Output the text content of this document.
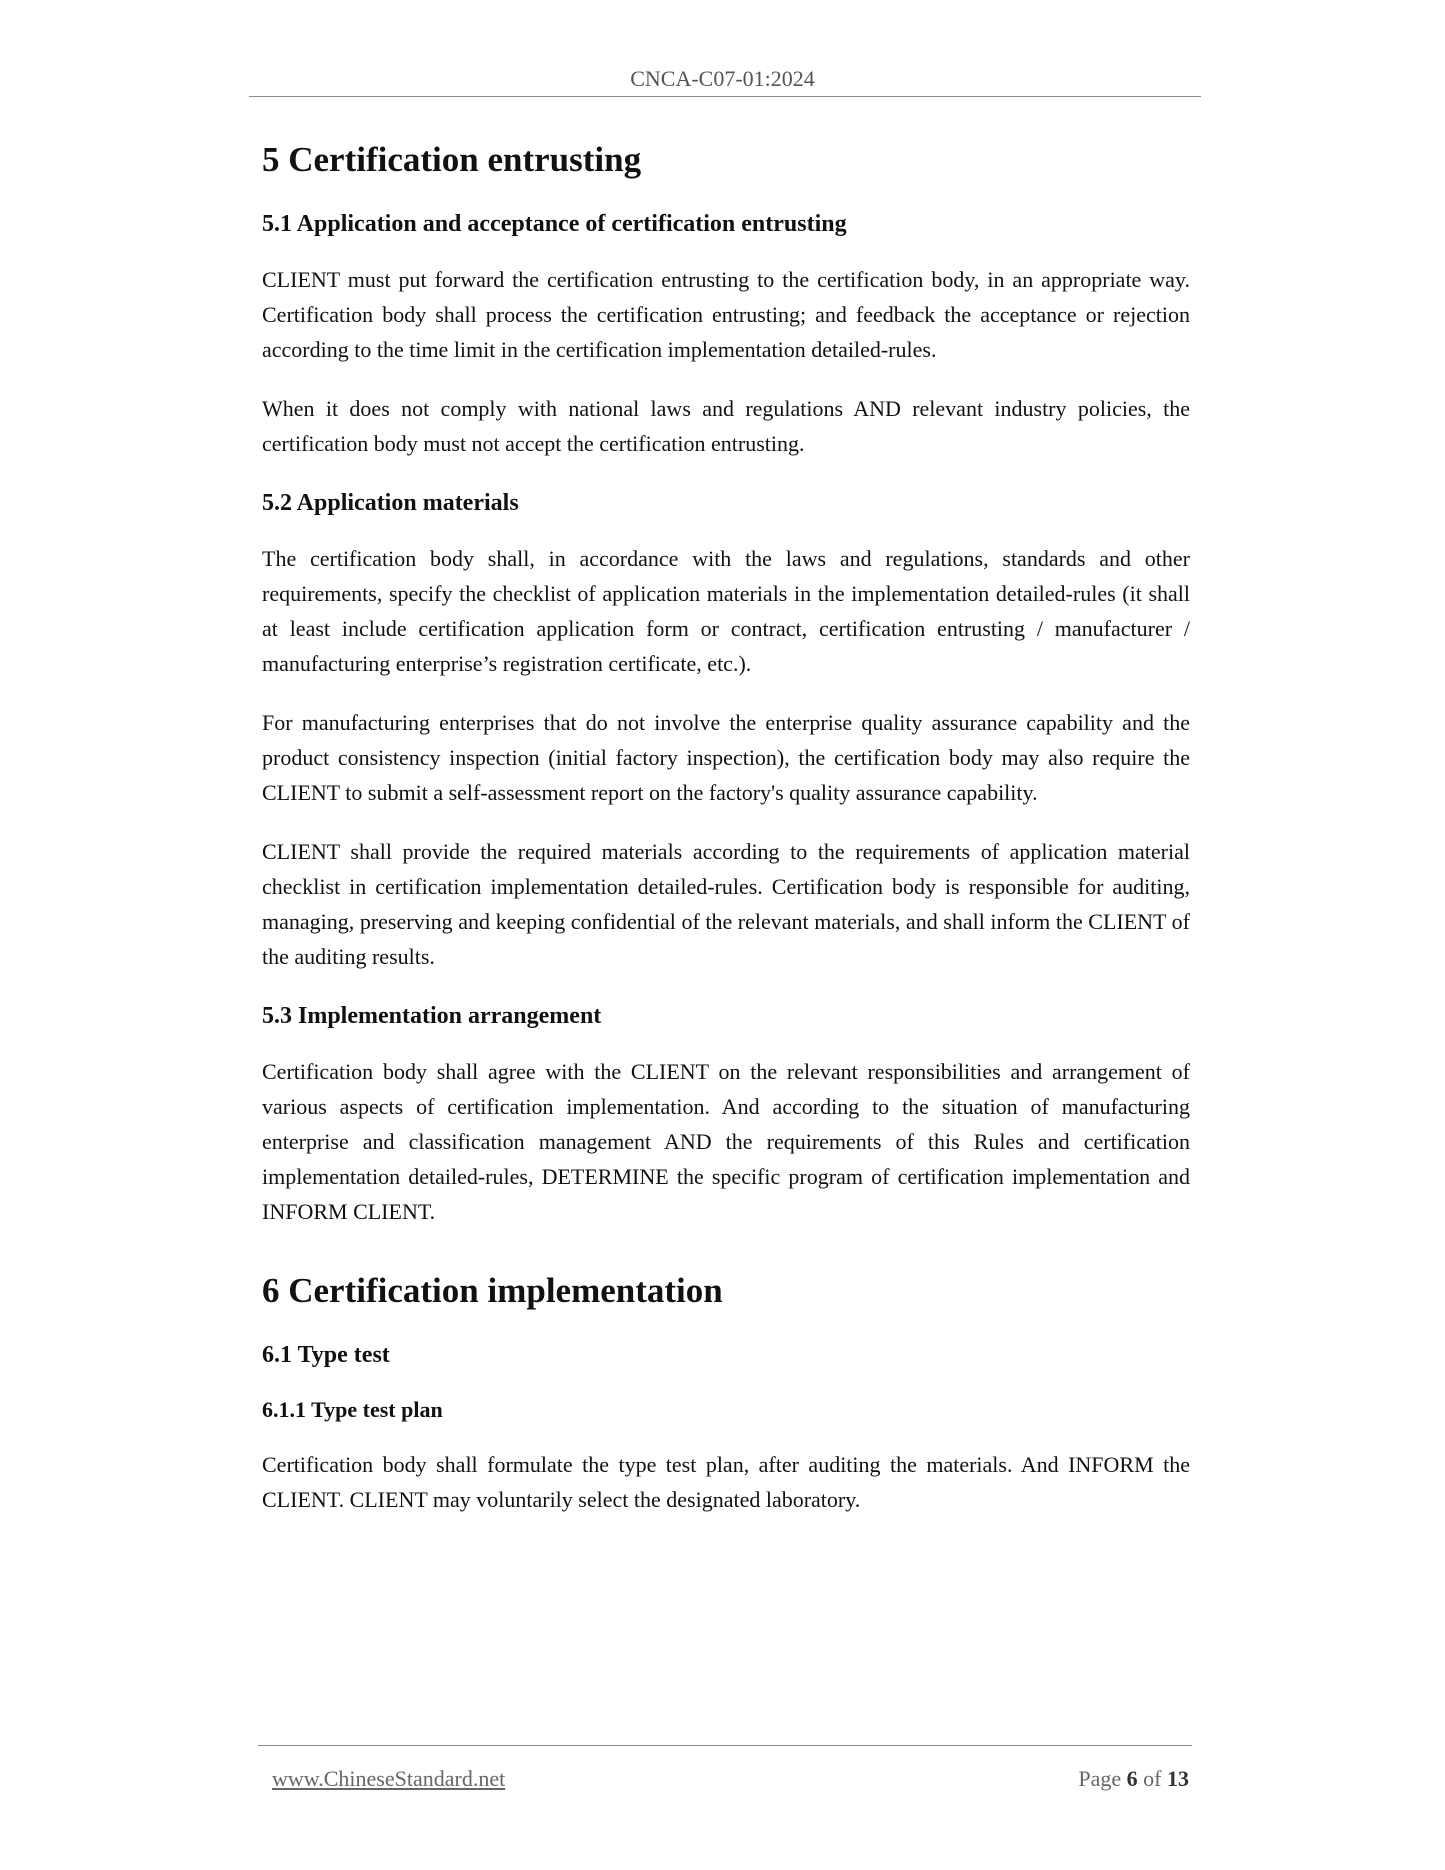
CNCA-C07-01:2024
5 Certification entrusting
5.1 Application and acceptance of certification entrusting

CLIENT must put forward the certification entrusting to the certification body, in an appropriate way. Certification body shall process the certification entrusting; and feedback the acceptance or rejection according to the time limit in the certification implementation detailed-rules.

When it does not comply with national laws and regulations AND relevant industry policies, the certification body must not accept the certification entrusting.

5.2 Application materials

The certification body shall, in accordance with the laws and regulations, standards and other requirements, specify the checklist of application materials in the implementation detailed-rules (it shall at least include certification application form or contract, certification entrusting / manufacturer / manufacturing enterprise’s registration certificate, etc.).

For manufacturing enterprises that do not involve the enterprise quality assurance capability and the product consistency inspection (initial factory inspection), the certification body may also require the CLIENT to submit a self-assessment report on the factory's quality assurance capability.

CLIENT shall provide the required materials according to the requirements of application material checklist in certification implementation detailed-rules. Certification body is responsible for auditing, managing, preserving and keeping confidential of the relevant materials, and shall inform the CLIENT of the auditing results.

5.3 Implementation arrangement

Certification body shall agree with the CLIENT on the relevant responsibilities and arrangement of various aspects of certification implementation. And according to the situation of manufacturing enterprise and classification management AND the requirements of this Rules and certification implementation detailed-rules, DETERMINE the specific program of certification implementation and INFORM CLIENT.

6 Certification implementation
6.1 Type test
6.1.1 Type test plan

Certification body shall formulate the type test plan, after auditing the materials. And INFORM the CLIENT. CLIENT may voluntarily select the designated laboratory.

www.ChineseStandard.net	Page 6 of 13
